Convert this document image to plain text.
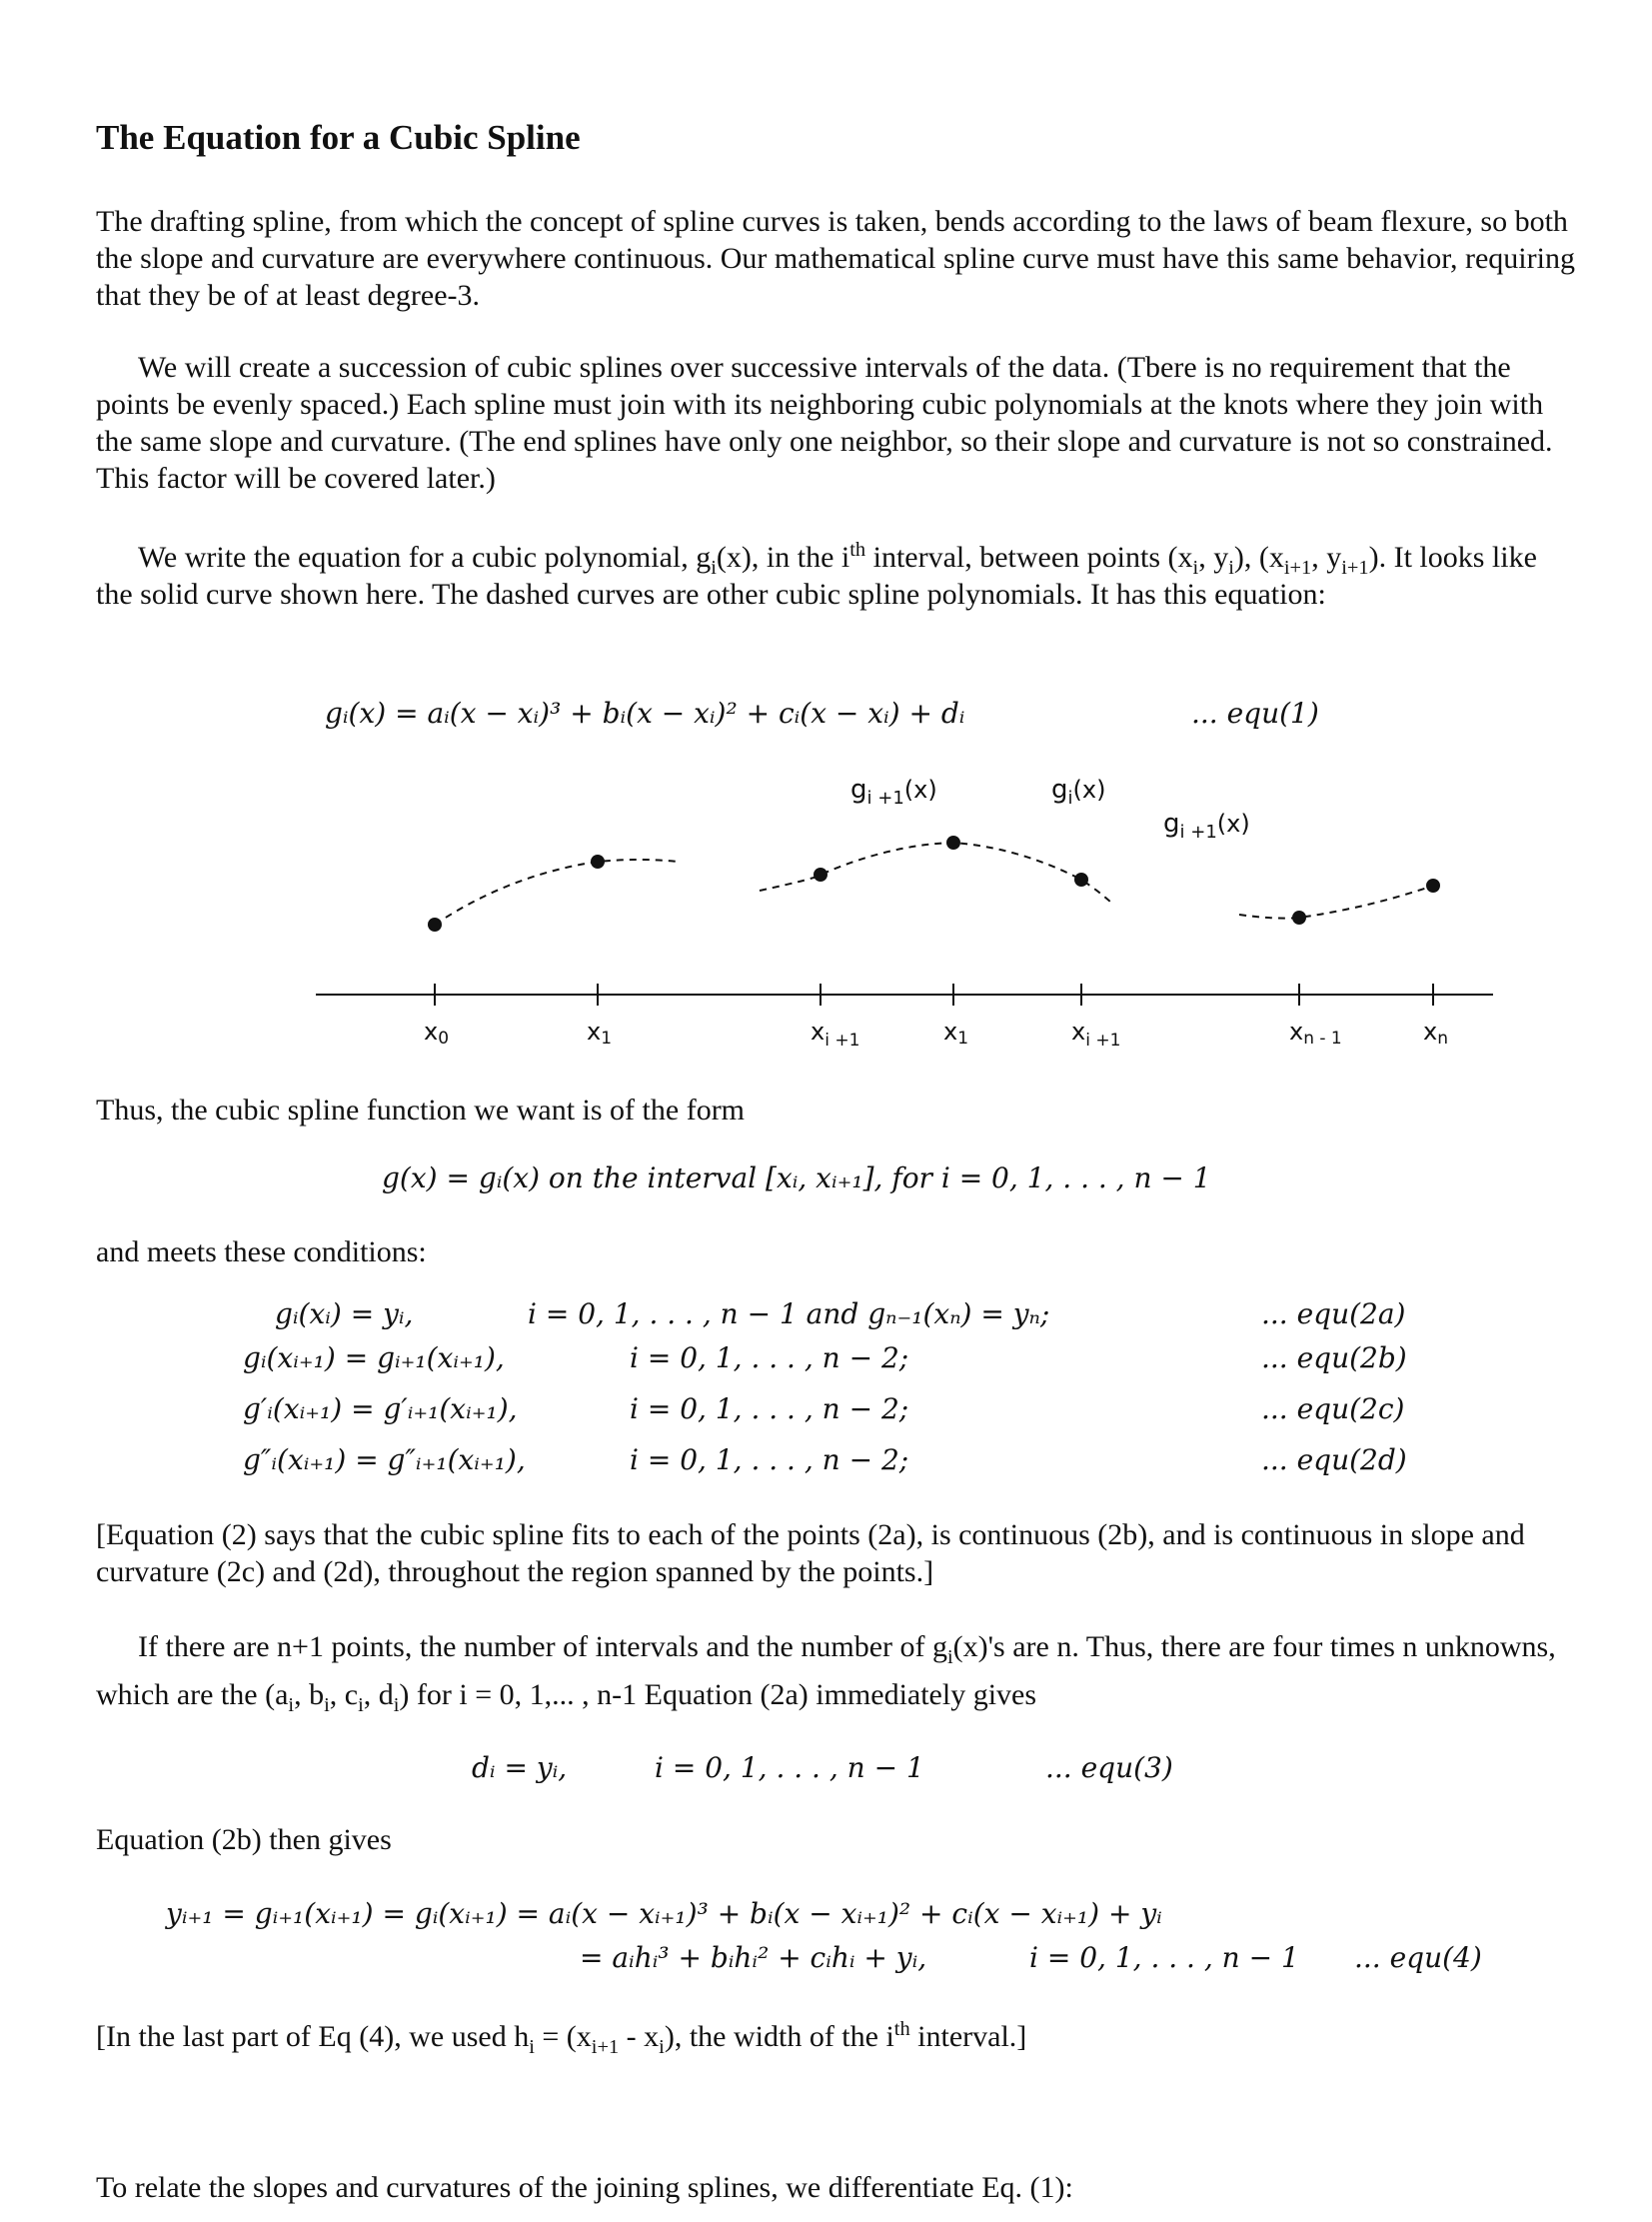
The Equation for a Cubic Spline

The drafting spline, from which the concept of spline curves is taken, bends according to the laws of beam flexure, so both the slope and curvature are everywhere continuous. Our mathematical spline curve must have this same behavior, requiring that they be of at least degree-3.

We will create a succession of cubic splines over successive intervals of the data. (Tbere is no requirement that the points be evenly spaced.) Each spline must join with its neighboring cubic polynomials at the knots where they join with the same slope and curvature. (The end splines have only one neighbor, so their slope and curvature is not so constrained. This factor will be covered later.)

We write the equation for a cubic polynomial, $g_i(x)$, in the $i^{th}$ interval, between points ($x_i$, $y_i$), ($x_{i+1}$, $y_{i+1}$). It looks like the solid curve shown here. The dashed curves are other cubic spline polynomials. It has this equation:

gᵢ(x) = aᵢ(x − xᵢ)³ + bᵢ(x − xᵢ)² + cᵢ(x − xᵢ) + dᵢ	... equ(1)
$g_{i +1}(x)$	$g_i(x)$
$g_{i +1}(x)$
x0	x1	$x_{i +1}$	x1	$x_{i +1}$	xn - 1	xn

Thus, the cubic spline function we want is of the form

g(x) = gᵢ(x) on the interval [xᵢ, xᵢ₊₁], for i = 0, 1, . . . , n − 1

and meets these conditions:

gᵢ(xᵢ) = yᵢ,	i = 0, 1, . . . , n − 1 and gₙ₋₁(xₙ) = yₙ;	... equ(2a)
gᵢ(xᵢ₊₁) = gᵢ₊₁(xᵢ₊₁),	i = 0, 1, . . . , n − 2;	... equ(2b)
g′ᵢ(xᵢ₊₁) = g′ᵢ₊₁(xᵢ₊₁),	i = 0, 1, . . . , n − 2;	... equ(2c)
g″ᵢ(xᵢ₊₁) = g″ᵢ₊₁(xᵢ₊₁),	i = 0, 1, . . . , n − 2;	... equ(2d)

[Equation (2) says that the cubic spline fits to each of the points (2a), is continuous (2b), and is continuous in slope and curvature (2c) and (2d), throughout the region spanned by the points.]

If there are n+1 points, the number of intervals and the number of $g_i(x)'s$ are n. Thus, there are four times n unknowns, which are the ($a_i$, $b_i$, $c_i$, $d_i$) for i = 0, 1,... , n-1 Equation (2a) immediately gives

dᵢ = yᵢ,	i = 0, 1, . . . , n − 1	... equ(3)

Equation (2b) then gives

yᵢ₊₁ = gᵢ₊₁(xᵢ₊₁) = gᵢ(xᵢ₊₁) = aᵢ(x − xᵢ₊₁)³ + bᵢ(x − xᵢ₊₁)² + cᵢ(x − xᵢ₊₁) + yᵢ
= aᵢhᵢ³ + bᵢhᵢ² + cᵢhᵢ + yᵢ,	i = 0, 1, . . . , n − 1 ... equ(4)

[In the last part of Eq (4), we used $h_i = (x_{i+1} - x_i)$, the width of the $i^{th}$ interval.]

To relate the slopes and curvatures of the joining splines, we differentiate Eq. (1):
